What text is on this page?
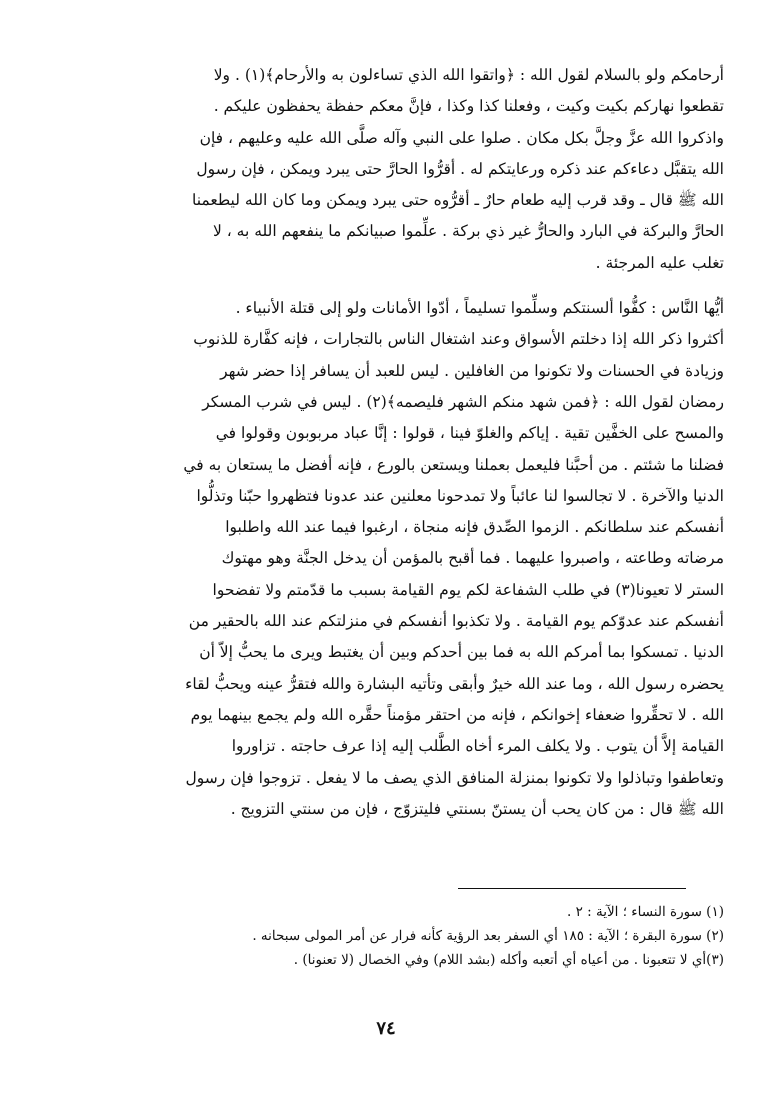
أرحامكم ولو بالسلام لقول الله : ﴿واتقوا الله الذي تساءلون به والأرحام﴾(١) . ولا

تقطعوا نهاركم بكيت وكيت ، وفعلنا كذا وكذا ، فإنَّ معكم حفظة يحفظون عليكم .

واذكروا الله عزَّ وجلَّ بكل مكان . صلوا على النبي وآله صلَّى الله عليه وعليهم ، فإن

الله يتقبَّل دعاءكم عند ذكره ورعايتكم له . أقرُّوا الحارَّ حتى يبرد ويمكن ، فإن رسول

الله ﷺ قال ـ وقد قرب إليه طعام حارٌ ـ أقرُّوه حتى يبرد ويمكن وما كان الله ليطعمنا

الحارَّ والبركة في البارد والحارُّ غير ذي بركة . علِّموا صبيانكم ما ينفعهم الله به ، لا

تغلب عليه المرجئة .

أيُّها النَّاس : كفُّوا ألسنتكم وسلِّموا تسليماً ، أدّوا الأمانات ولو إلى قتلة الأنبياء .

أكثروا ذكر الله إذا دخلتم الأسواق وعند اشتغال الناس بالتجارات ، فإنه كفَّارة للذنوب

وزيادة في الحسنات ولا تكونوا من الغافلين . ليس للعبد أن يسافر إذا حضر شهر

رمضان لقول الله : ﴿فمن شهد منكم الشهر فليصمه﴾(٢) . ليس في شرب المسكر

والمسح على الخفَّين تقية . إياكم والغلوّ فينا ، قولوا : إنَّا عباد مربوبون وقولوا في

فضلنا ما شئتم . من أحبَّنا فليعمل بعملنا ويستعن بالورع ، فإنه أفضل ما يستعان به في

الدنيا والآخرة . لا تجالسوا لنا عائباً ولا تمدحونا معلنين عند عدونا فتظهروا حبّنا وتذلُّوا

أنفسكم عند سلطانكم . الزموا الصِّدق فإنه منجاة ، ارغبوا فيما عند الله واطلبوا

مرضاته وطاعته ، واصبروا عليهما . فما أقبح بالمؤمن أن يدخل الجنَّة وهو مهتوك

الستر لا تعيونا(٣) في طلب الشفاعة لكم يوم القيامة بسبب ما قدّمتم ولا تفضحوا

أنفسكم عند عدوّكم يوم القيامة . ولا تكذبوا أنفسكم في منزلتكم عند الله بالحقير من

الدنيا . تمسكوا بما أمركم الله به فما بين أحدكم وبين أن يغتبط ويرى ما يحبُّ إلاّ أن

يحضره رسول الله ، وما عند الله خيرٌ وأبقى وتأتيه البشارة والله فتقرُّ عينه ويحبُّ لقاء

الله . لا تحقِّروا ضعفاء إخوانكم ، فإنه من احتقر مؤمناً حقَّره الله ولم يجمع بينهما يوم

القيامة إلاَّ أن يتوب . ولا يكلف المرء أخاه الطَّلب إليه إذا عرف حاجته . تزاوروا

وتعاطفوا وتباذلوا ولا تكونوا بمنزلة المنافق الذي يصف ما لا يفعل . تزوجوا فإن رسول

الله ﷺ قال : من كان يحب أن يستنّ بسنتي فليتزوّج ، فإن من سنتي التزويج .

(١) سورة النساء ؛ الآية : ٢ .

(٢) سورة البقرة ؛ الآية : ١٨٥ أي السفر بعد الرؤية كأنه فرار عن أمر المولى سبحانه .

(٣)أي لا تتعبونا . من أعياه أي أتعبه وأكله (بشد اللام) وفي الخصال (لا تعنونا) .

٧٤
